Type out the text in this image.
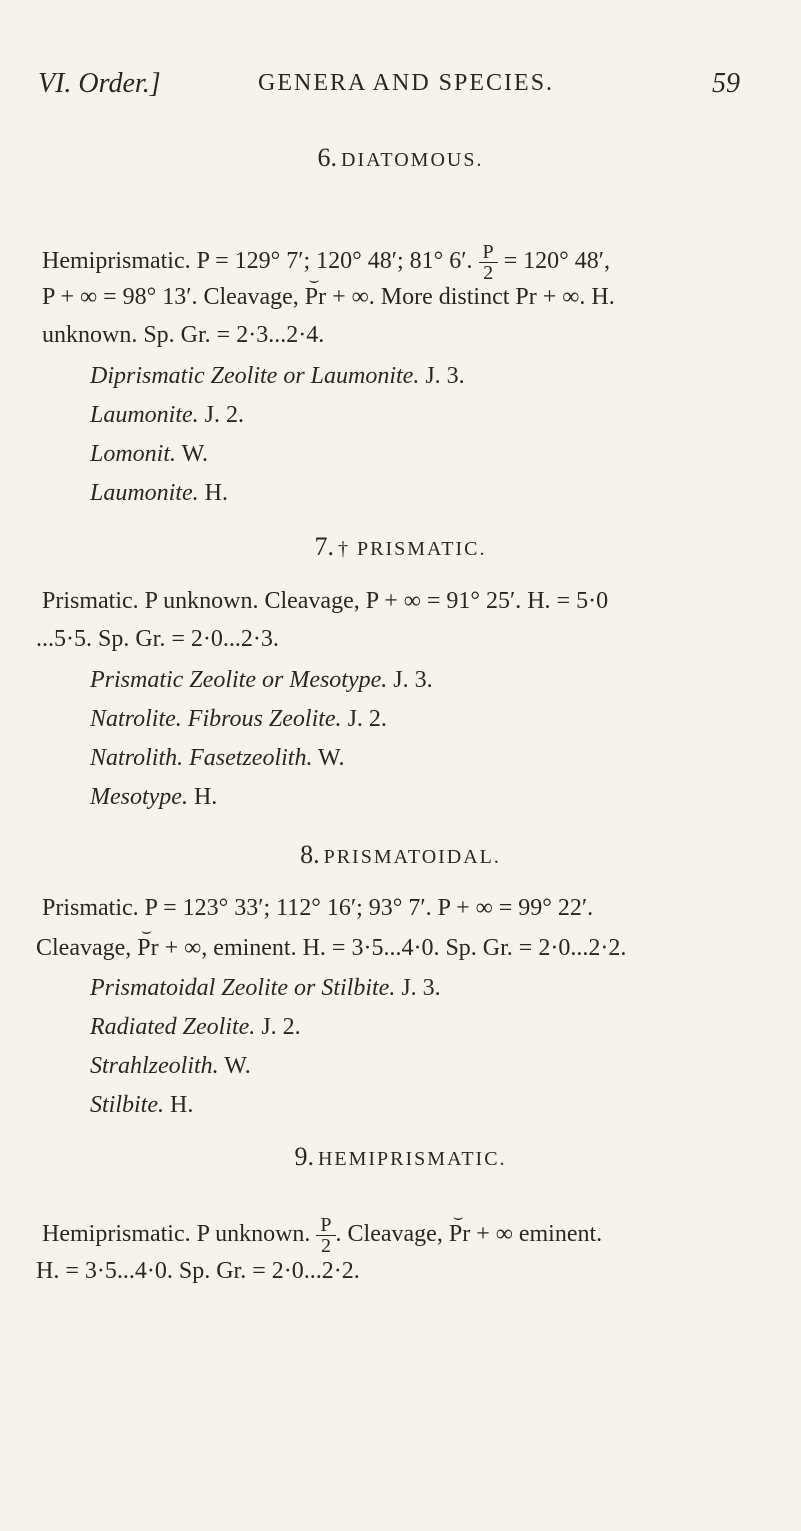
VI. Order.]	GENERA AND SPECIES.	59
6. DIATOMOUS.
Hemiprismatic. P = 129° 7′; 120° 48′; 81° 6′. $\frac{P}{2} = 120^\circ$ 48′,
P + ∞ = 98° 13′. Cleavage,
⌣
Pr + ∞. More distinct Pr + ∞. H.
unknown. Sp. Gr. = 2·3...2·4.
Diprismatic Zeolite or Laumonite. J. 3.
Laumonite. J. 2.
Lomonit. W.
Laumonite. H.
7. † PRISMATIC.
Prismatic. P unknown. Cleavage, P + ∞ = 91° 25′. H. = 5·0
...5·5. Sp. Gr. = 2·0...2·3.
Prismatic Zeolite or Mesotype. J. 3.
Natrolite. Fibrous Zeolite. J. 2.
Natrolith. Fasetzeolith. W.
Mesotype. H.
8. PRISMATOIDAL.
Prismatic. P = 123° 33′; 112° 16′; 93° 7′. P + ∞ = 99° 22′.
Cleavage,
⌣
Pr + ∞, eminent. H. = 3·5...4·0. Sp. Gr. = 2·0...2·2.
Prismatoidal Zeolite or Stilbite. J. 3.
Radiated Zeolite. J. 2.
Strahlzeolith. W.
Stilbite. H.
9. HEMIPRISMATIC.
Hemiprismatic. P unknown. $\frac{P}{2}$ . Cleavage,
⌣
Pr + ∞ eminent.
H. = 3·5...4·0. Sp. Gr. = 2·0...2·2.
